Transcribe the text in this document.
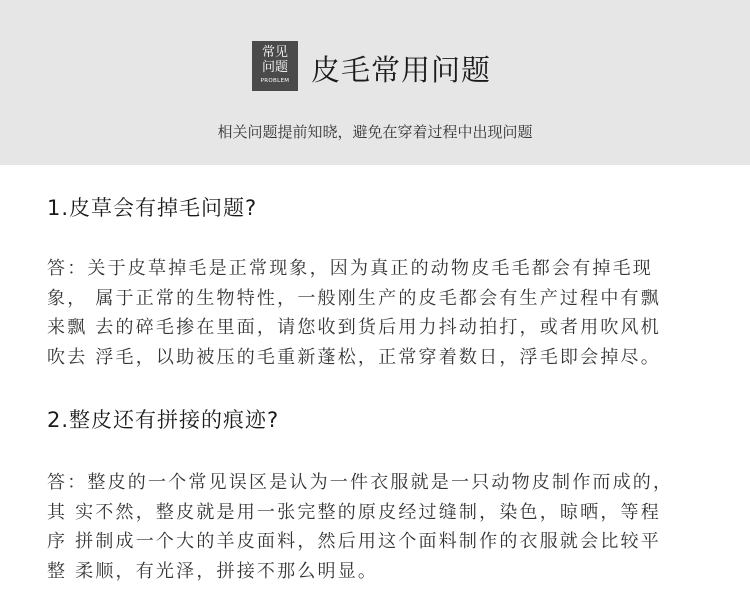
常见
问题
PROBLEM 皮毛常用问题
相关问题提前知晓，避免在穿着过程中出现问题
1.皮草会有掉毛问题?
答：关于皮草掉毛是正常现象，因为真正的动物皮毛毛都会有掉毛现
象， 属于正常的生物特性，一般刚生产的皮毛都会有生产过程中有飘
来飘 去的碎毛掺在里面，请您收到货后用力抖动拍打，或者用吹风机
吹去 浮毛，以助被压的毛重新蓬松，正常穿着数日，浮毛即会掉尽。
2.整皮还有拼接的痕迹?
答：整皮的一个常见误区是认为一件衣服就是一只动物皮制作而成的，
其 实不然，整皮就是用一张完整的原皮经过缝制，染色，晾晒，等程
序 拼制成一个大的羊皮面料，然后用这个面料制作的衣服就会比较平
整 柔顺，有光泽，拼接不那么明显。
